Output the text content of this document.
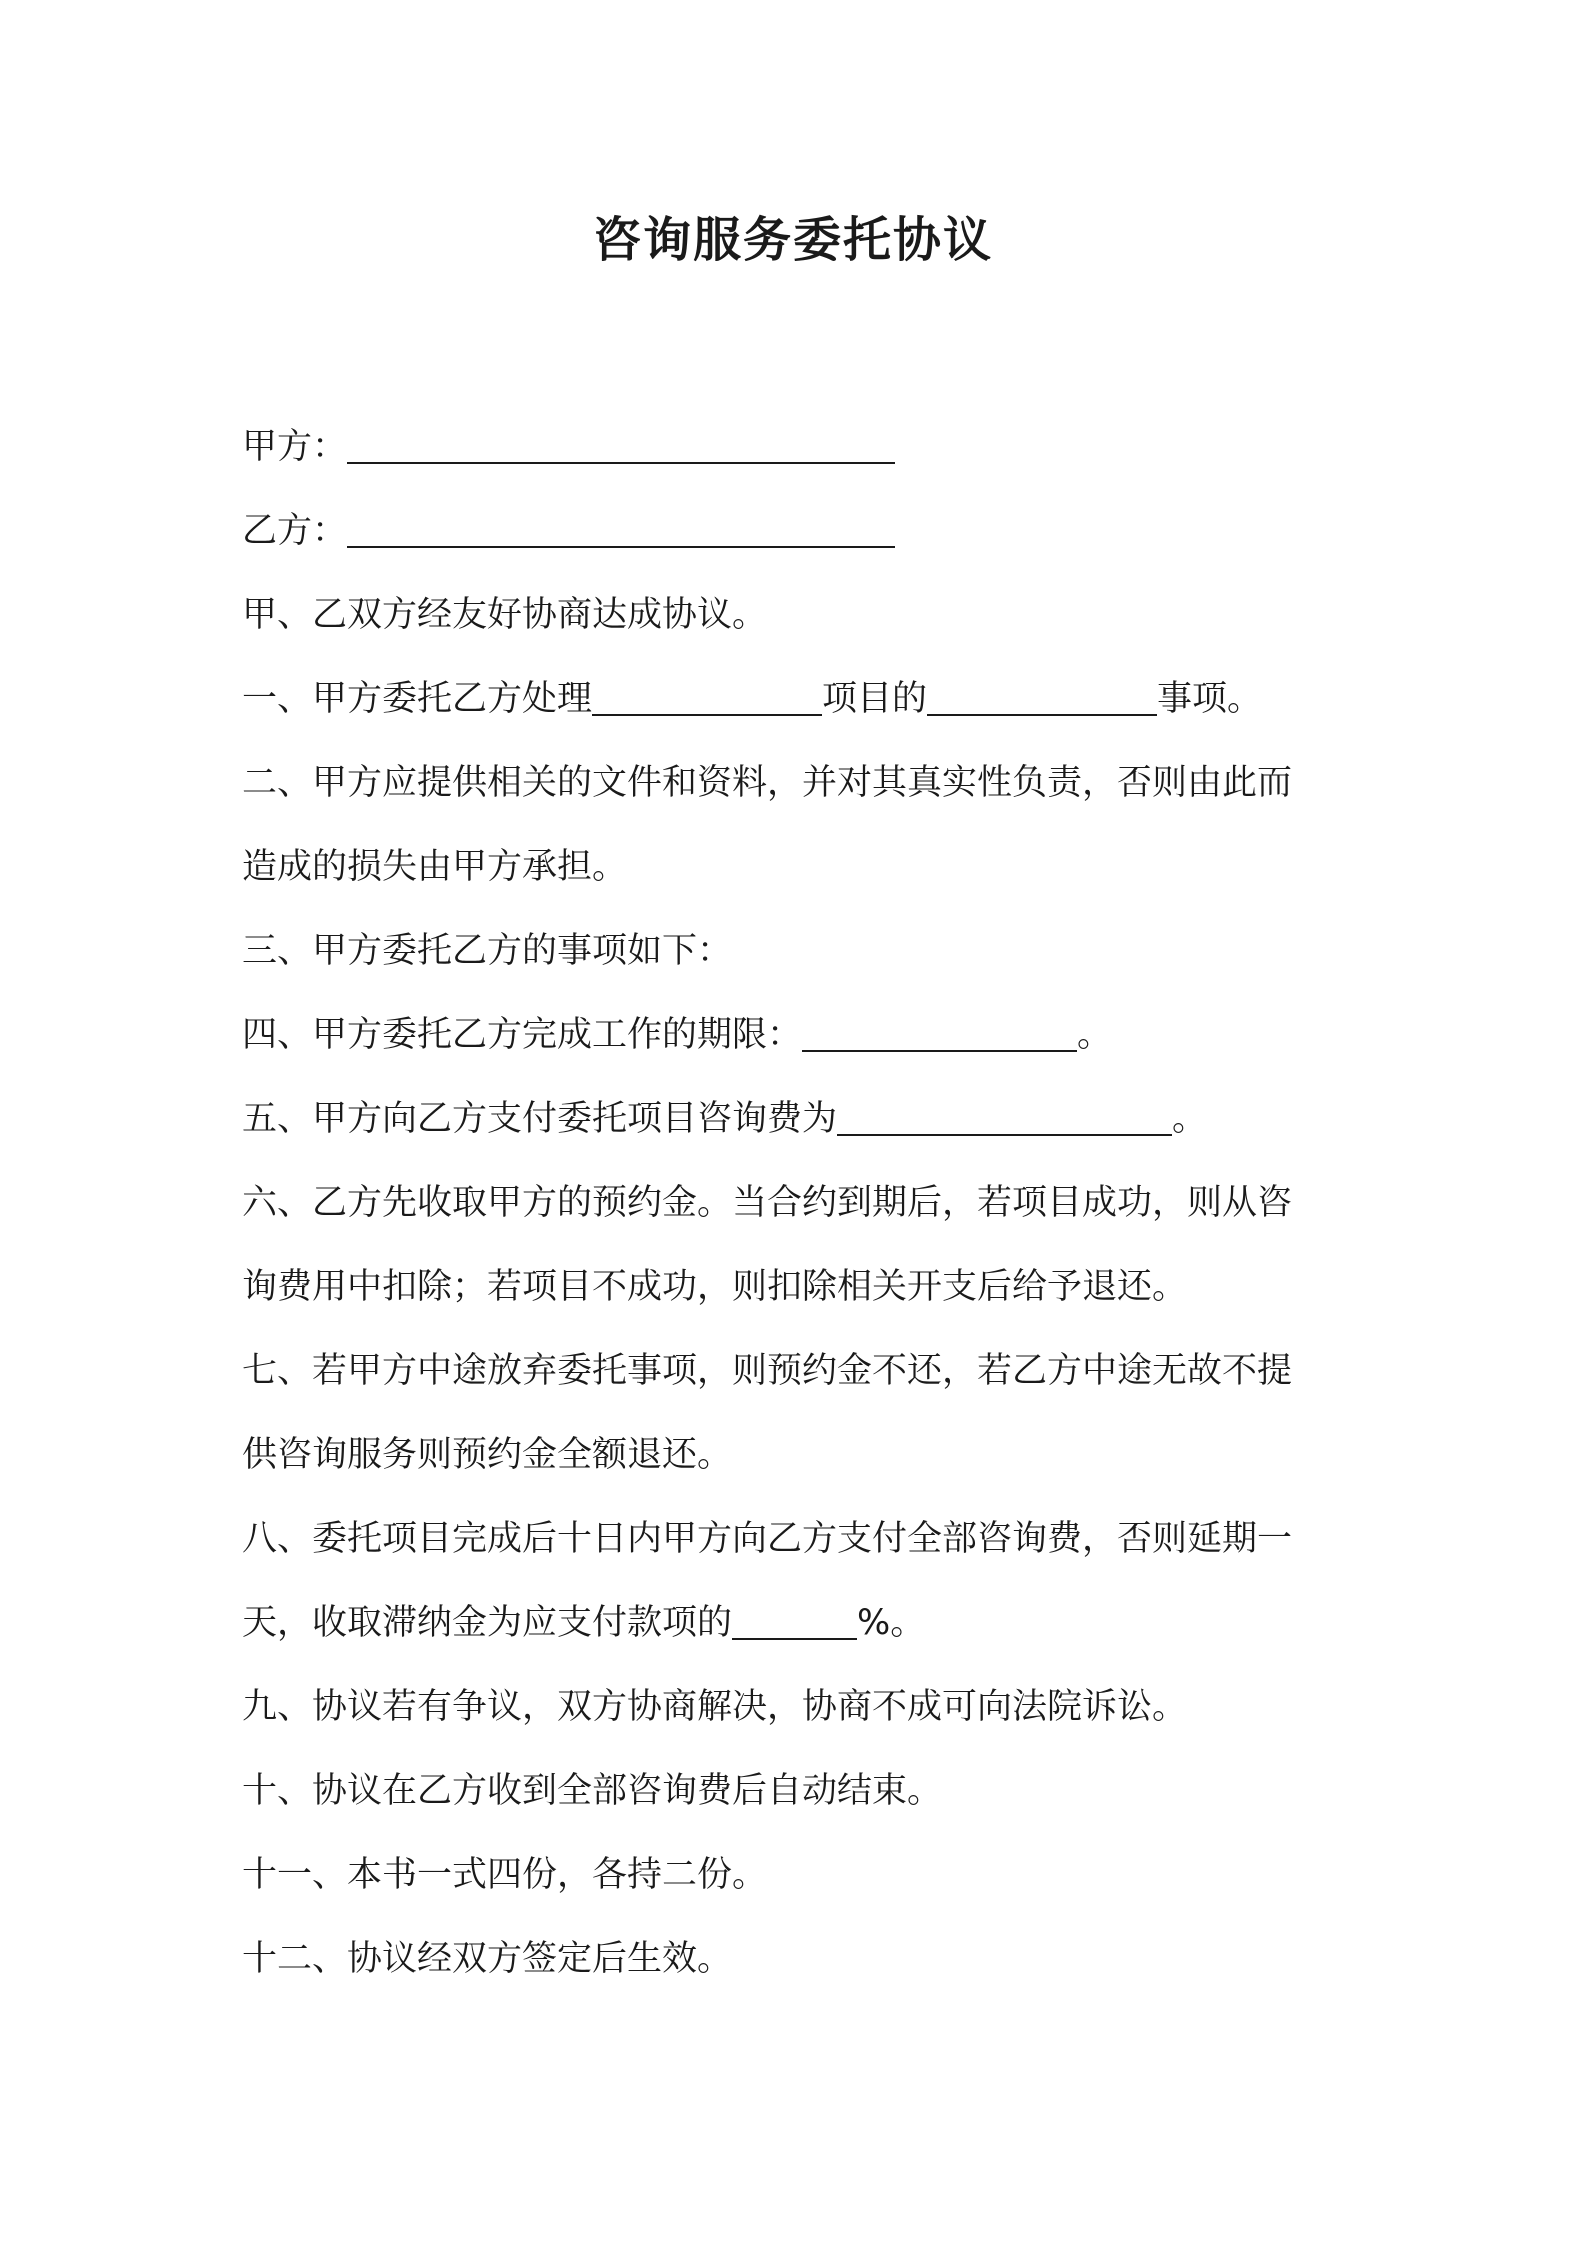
咨询服务委托协议
甲方：
乙方：
甲、乙双方经友好协商达成协议。
一、甲方委托乙方处理	项目的	事项。
二、甲方应提供相关的文件和资料，并对其真实性负责，否则由此而
造成的损失由甲方承担。
三、甲方委托乙方的事项如下：
四、甲方委托乙方完成工作的期限：	。
五、甲方向乙方支付委托项目咨询费为	。
六、乙方先收取甲方的预约金。当合约到期后，若项目成功，则从咨
询费用中扣除；若项目不成功，则扣除相关开支后给予退还。
七、若甲方中途放弃委托事项，则预约金不还，若乙方中途无故不提
供咨询服务则预约金全额退还。
八、委托项目完成后十日内甲方向乙方支付全部咨询费，否则延期一
天，收取滞纳金为应支付款项的	%。
九、协议若有争议，双方协商解决，协商不成可向法院诉讼。
十、协议在乙方收到全部咨询费后自动结束。
十一、本书一式四份，各持二份。
十二、协议经双方签定后生效。
